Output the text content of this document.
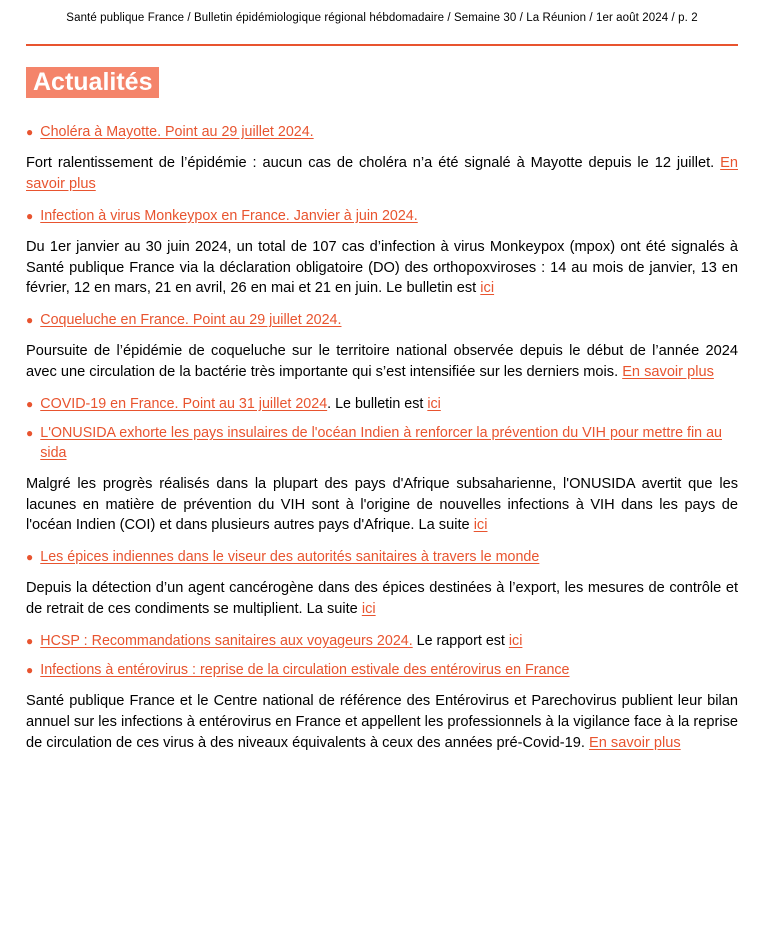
Santé publique France / Bulletin épidémiologique régional hébdomadaire / Semaine 30 / La Réunion / 1er août 2024 / p. 2
Actualités
● Choléra à Mayotte. Point au 29 juillet 2024.

Fort ralentissement de l’épidémie : aucun cas de choléra n’a été signalé à Mayotte depuis le 12 juillet. En savoir plus

● Infection à virus Monkeypox en France. Janvier à juin 2024.

Du 1er janvier au 30 juin 2024, un total de 107 cas d’infection à virus Monkeypox (mpox) ont été signalés à Santé publique France via la déclaration obligatoire (DO) des orthopoxviroses : 14 au mois de janvier, 13 en février, 12 en mars, 21 en avril, 26 en mai et 21 en juin. Le bulletin est ici

● Coqueluche en France. Point au 29 juillet 2024.

Poursuite de l’épidémie de coqueluche sur le territoire national observée depuis le début de l’année 2024 avec une circulation de la bactérie très importante qui s’est intensifiée sur les derniers mois. En savoir plus

● COVID-19 en France. Point au 31 juillet 2024. Le bulletin est ici
● L'ONUSIDA exhorte les pays insulaires de l'océan Indien à renforcer la prévention du VIH pour mettre fin au sida

Malgré les progrès réalisés dans la plupart des pays d'Afrique subsaharienne, l'ONUSIDA avertit que les lacunes en matière de prévention du VIH sont à l'origine de nouvelles infections à VIH dans les pays de l'océan Indien (COI) et dans plusieurs autres pays d'Afrique. La suite ici

● Les épices indiennes dans le viseur des autorités sanitaires à travers le monde

Depuis la détection d’un agent cancérogène dans des épices destinées à l’export, les mesures de contrôle et de retrait de ces condiments se multiplient. La suite ici

● HCSP : Recommandations sanitaires aux voyageurs 2024. Le rapport est ici
● Infections à entérovirus : reprise de la circulation estivale des entérovirus en France

Santé publique France et le Centre national de référence des Entérovirus et Parechovirus publient leur bilan annuel sur les infections à entérovirus en France et appellent les professionnels à la vigilance face à la reprise de circulation de ces virus à des niveaux équivalents à ceux des années pré-Covid-19. En savoir plus
